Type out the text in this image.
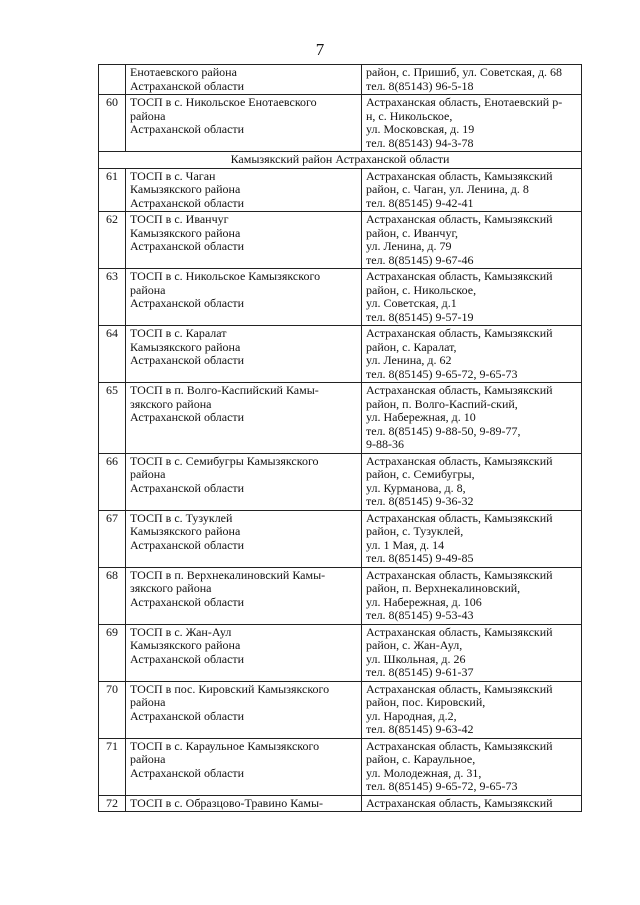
7

	Енотаевского района
Астраханской области	район, с. Пришиб, ул. Советская, д. 68
тел. 8(85143) 96-5-18

60	ТОСП в с. Никольское Енотаевского
района
Астраханской области	Астраханская область, Енотаевский р-
н, с. Никольское,
ул. Московская, д. 19
тел. 8(85143) 94-3-78

Камызякский район Астраханской области		
61	ТОСП в с. Чаган
Камызякского района
Астраханской области	Астраханская область, Камызякский
район, с. Чаган, ул. Ленина, д. 8
тел. 8(85145) 9-42-41

62	ТОСП в с. Иванчуг
Камызякского района
Астраханской области	Астраханская область, Камызякский
район, с. Иванчуг,
ул. Ленина, д. 79
тел. 8(85145) 9-67-46

63	ТОСП в с. Никольское Камызякского
района
Астраханской области	Астраханская область, Камызякский
район, с. Никольское,
ул. Советская, д.1
тел. 8(85145) 9-57-19

64	ТОСП в с. Каралат
Камызякского района
Астраханской области	Астраханская область, Камызякский
район, с. Каралат,
ул. Ленина, д. 62
тел. 8(85145) 9-65-72, 9-65-73

65	ТОСП в п. Волго-Каспийский Камы-
зякского района
Астраханской области	Астраханская область, Камызякский
район, п. Волго-Каспий-ский,
ул. Набережная, д. 10
тел. 8(85145) 9-88-50, 9-89-77,
9-88-36

66	ТОСП в с. Семибугры Камызякского
района
Астраханской области	Астраханская область, Камызякский
район, с. Семибугры,
ул. Курманова, д. 8,
тел. 8(85145) 9-36-32

67	ТОСП в с. Тузуклей
Камызякского района
Астраханской области	Астраханская область, Камызякский
район, с. Тузуклей,
ул. 1 Мая, д. 14
тел. 8(85145) 9-49-85

68	ТОСП в п. Верхнекалиновский Камы-
зякского района
Астраханской области	Астраханская область, Камызякский
район, п. Верхнекалиновский,
ул. Набережная, д. 106
тел. 8(85145) 9-53-43

69	ТОСП в с. Жан-Аул
Камызякского района
Астраханской области	Астраханская область, Камызякский
район, с. Жан-Аул,
ул. Школьная, д. 26
тел. 8(85145) 9-61-37

70	ТОСП в пос. Кировский Камызякского
района
Астраханской области	Астраханская область, Камызякский
район, пос. Кировский,
ул. Народная, д.2,
тел. 8(85145) 9-63-42

71	ТОСП в с. Караульное Камызякского
района
Астраханской области	Астраханская область, Камызякский
район, с. Караульное,
ул. Молодежная, д. 31,
тел. 8(85145) 9-65-72, 9-65-73

72	ТОСП в с. Образцово-Травино Камы-	Астраханская область, Камызякский
